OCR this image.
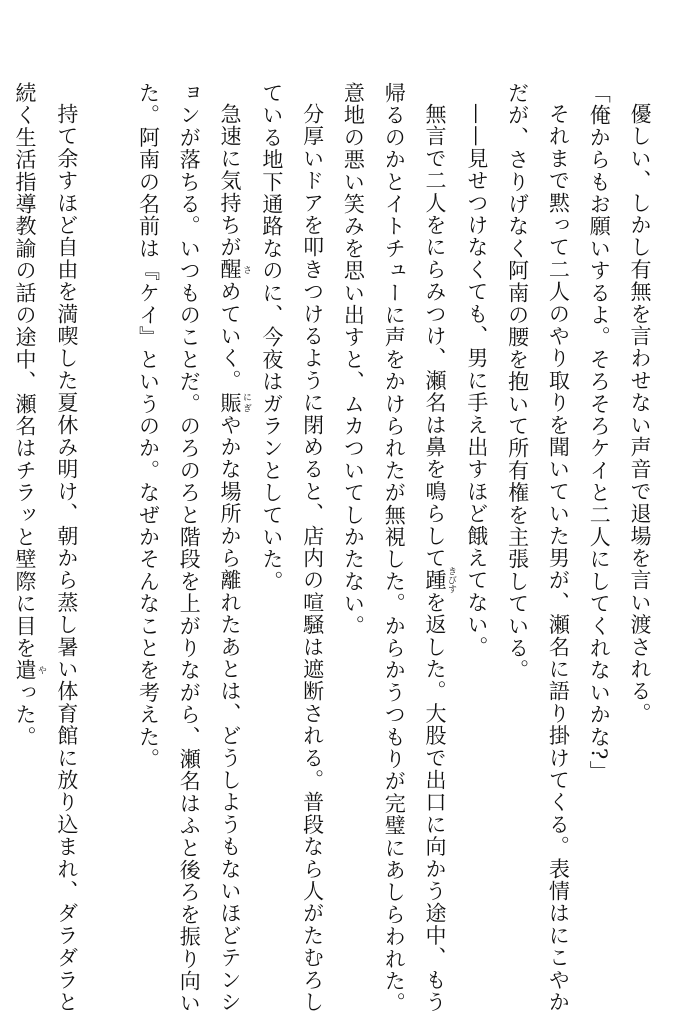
優しい、しかし有無を言わせない声音で退場を言い渡される。
「俺からもお願いするよ。そろそろケイと二人にしてくれないかな?」
それまで黙って二人のやり取りを聞いていた男が、瀬名に語り掛けてくる。表情はにこやか
だが、さりげなく阿南の腰を抱いて所有権を主張している。
——見せつけなくても、男に手え出すほど餓えてない。
無言で二人をにらみつけ、瀬名は鼻を鳴らして踵 きびすを返した。大股で出口に向かう途中、もう
帰るのかとイトチューに声をかけられたが無視した。からかうつもりが完璧にあしらわれた。
意地の悪い笑みを思い出すと、ムカついてしかたない。
分厚いドアを叩きつけるように閉めると、店内の喧騒は遮断される。普段なら人がたむろし
ている地下通路なのに、今夜はガランとしていた。
急速に気持ちが醒 さめていく。賑 にぎやかな場所から離れたあとは、どうしようもないほどテンシ
ョンが落ちる。いつものことだ。のろのろと階段を上がりながら、瀬名はふと後ろを振り向い
た。阿南の名前は『ケイ』というのか。なぜかそんなことを考えた。
持て余すほど自由を満喫した夏休み明け、朝から蒸し暑い体育館に放り込まれ、ダラダラと
続く生活指導教諭の話の途中、瀬名はチラッと壁際に目を遣 やった。
